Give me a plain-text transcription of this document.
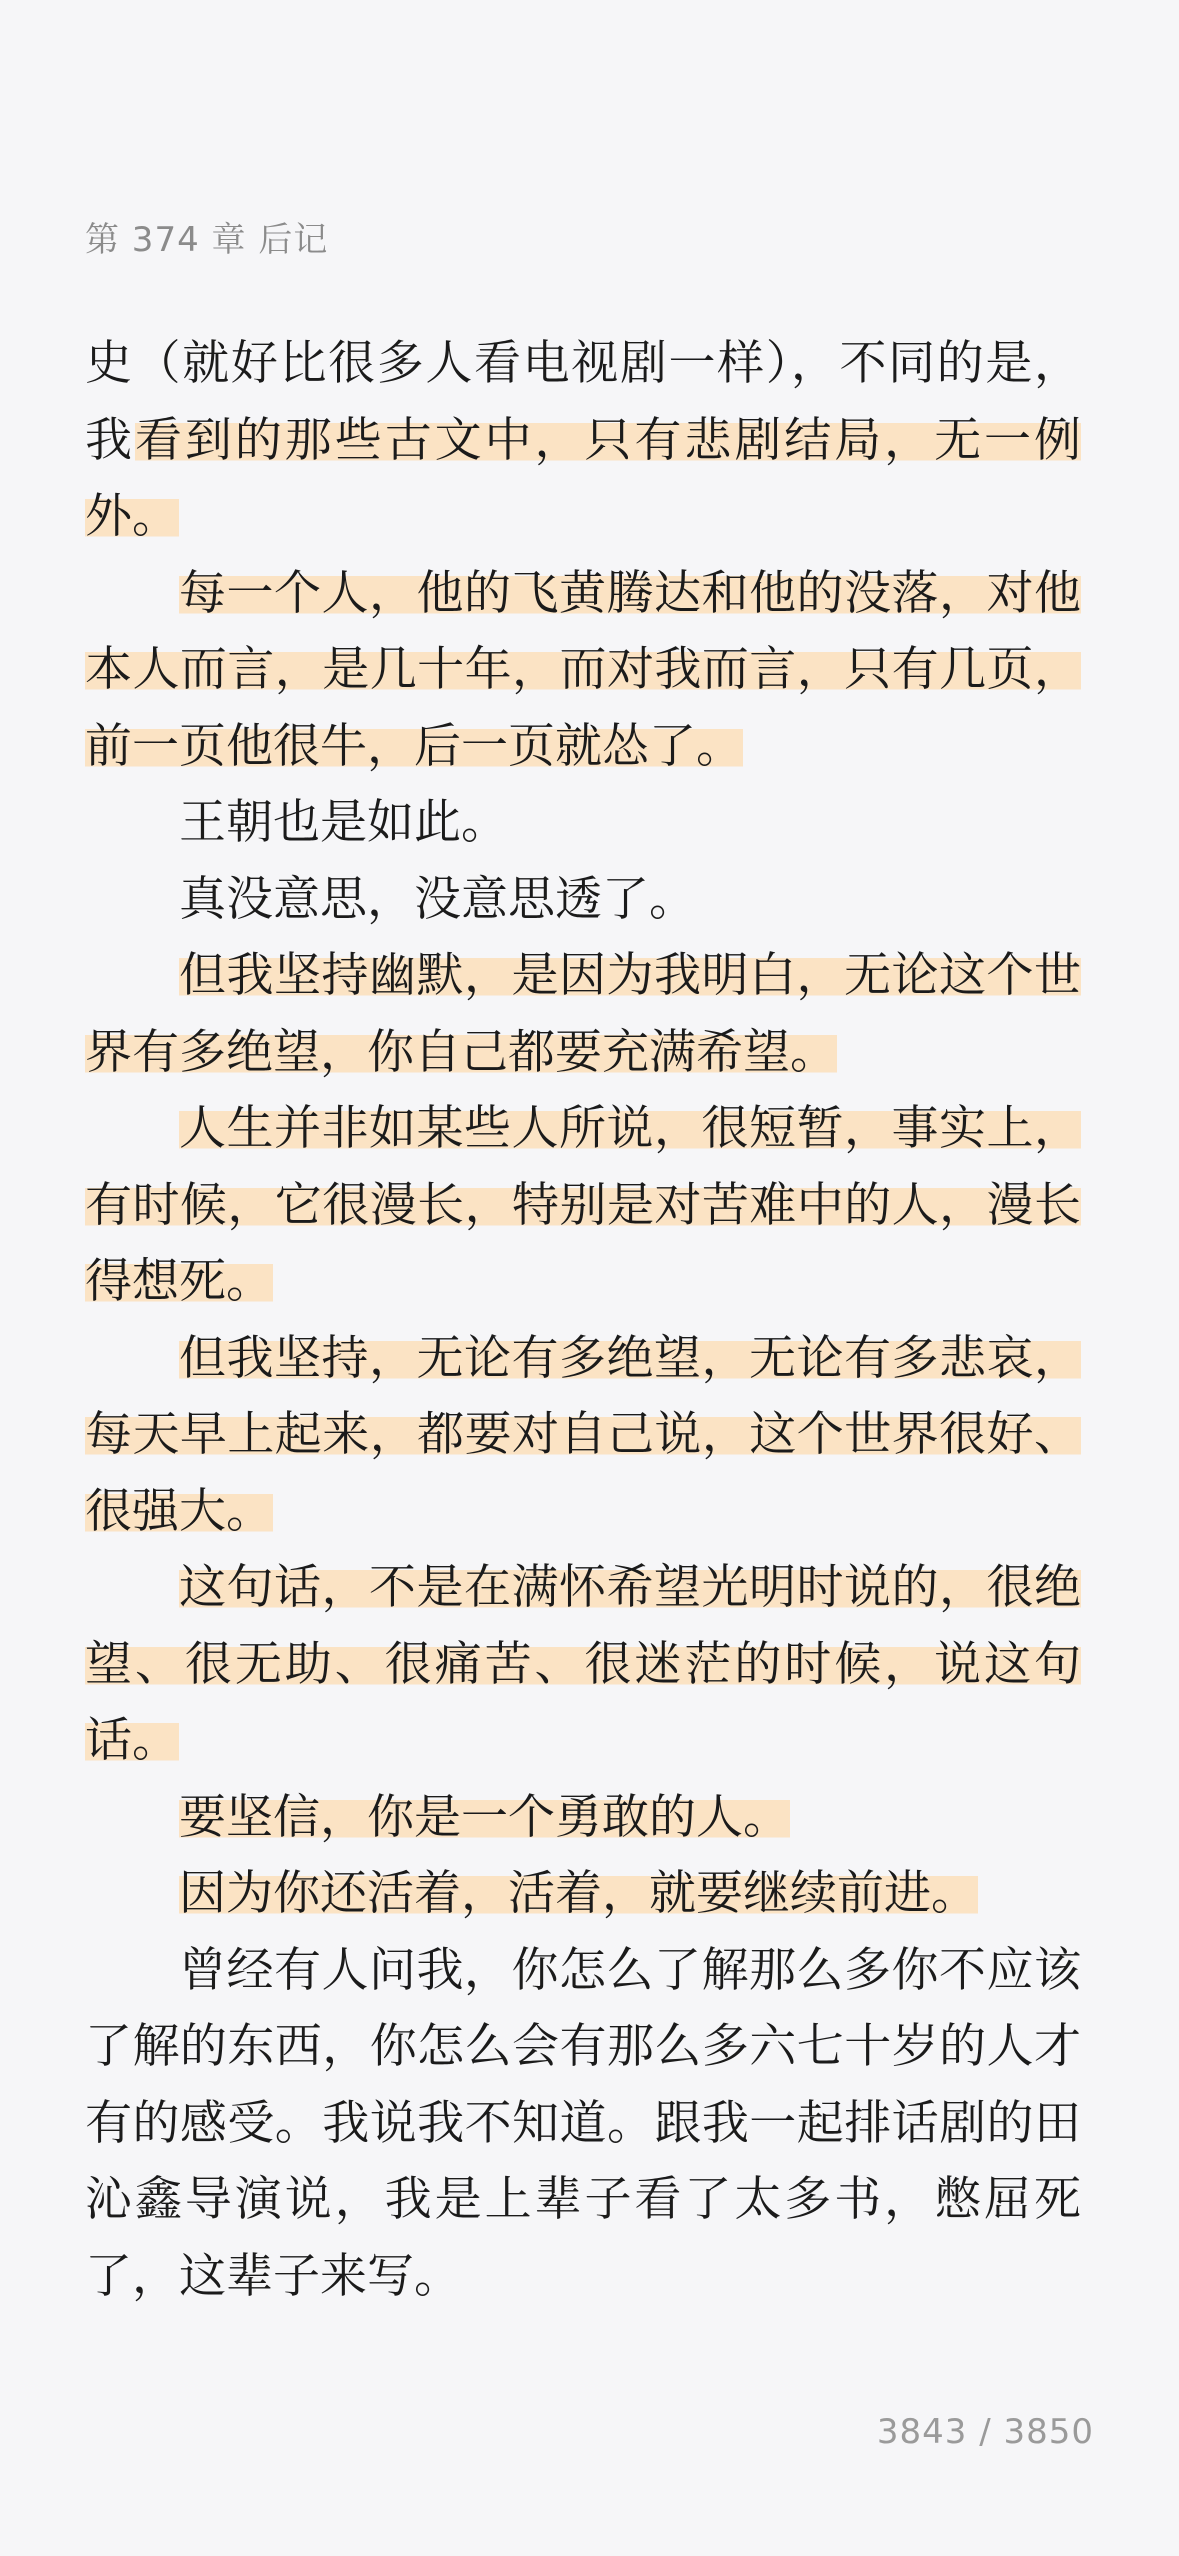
第 374 章 后记

史（就好比很多人看电视剧一样），不同的是，我看到的那些古文中，只有悲剧结局，无一例外。

每一个人，他的飞黄腾达和他的没落，对他本人而言，是几十年，而对我而言，只有几页，前一页他很牛，后一页就怂了。

王朝也是如此。

真没意思，没意思透了。

但我坚持幽默，是因为我明白，无论这个世界有多绝望，你自己都要充满希望。

人生并非如某些人所说，很短暂，事实上，有时候，它很漫长，特别是对苦难中的人，漫长得想死。

但我坚持，无论有多绝望，无论有多悲哀，每天早上起来，都要对自己说，这个世界很好、很强大。

这句话，不是在满怀希望光明时说的，很绝望、很无助、很痛苦、很迷茫的时候，说这句话。

要坚信，你是一个勇敢的人。

因为你还活着，活着，就要继续前进。

曾经有人问我，你怎么了解那么多你不应该了解的东西，你怎么会有那么多六七十岁的人才有的感受。我说我不知道。跟我一起排话剧的田沁鑫导演说，我是上辈子看了太多书，憋屈死了，这辈子来写。

3843 / 3850
